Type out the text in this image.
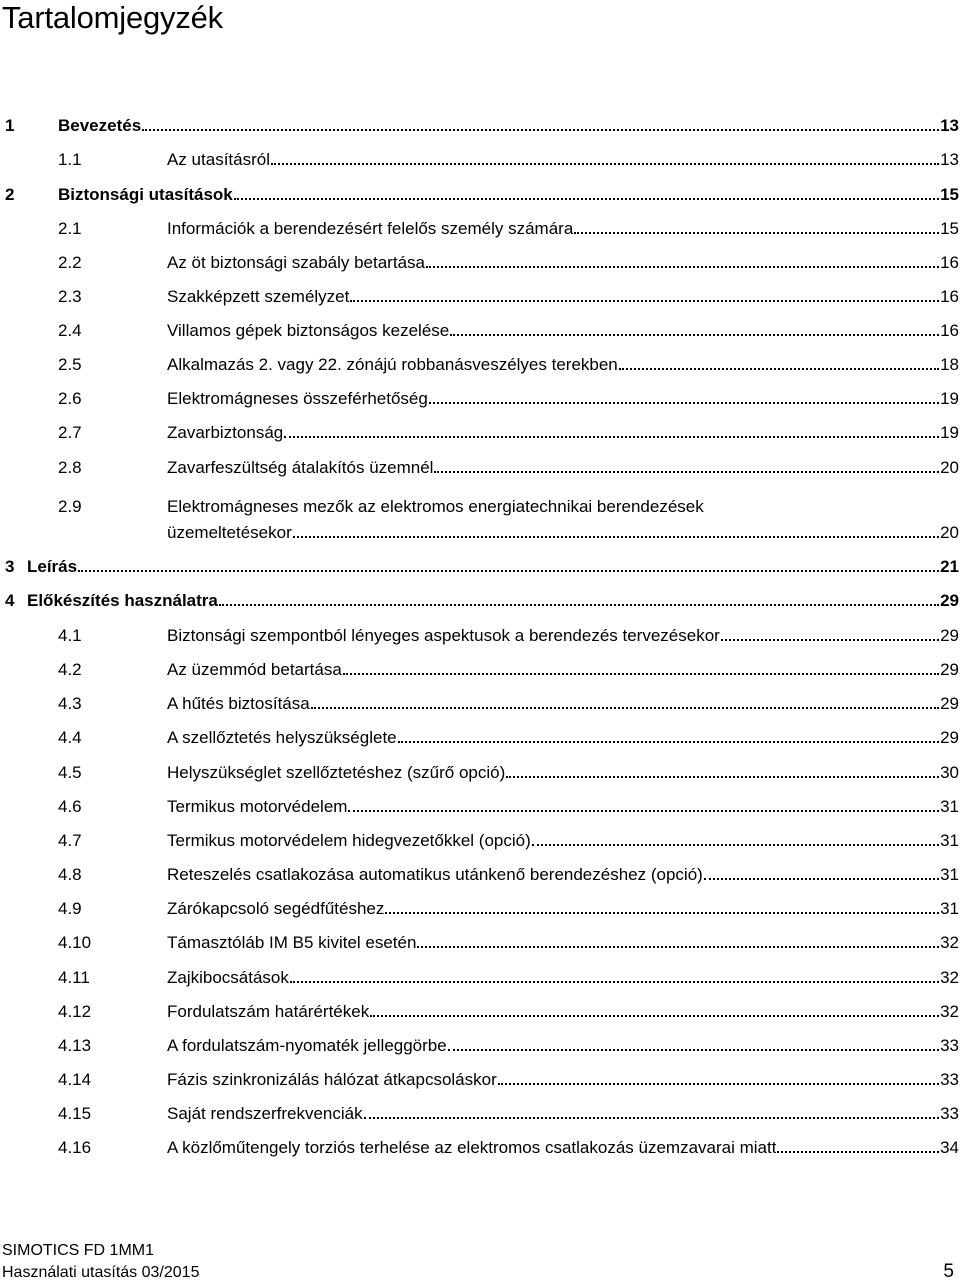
Tartalomjegyzék
1	Bevezetés	13
1.1	Az utasításról	13
2	Biztonsági utasítások	15
2.1	Információk a berendezésért felelős személy számára	15
2.2	Az öt biztonsági szabály betartása	16
2.3	Szakképzett személyzet	16
2.4	Villamos gépek biztonságos kezelése	16
2.5	Alkalmazás 2. vagy 22. zónájú robbanásveszélyes terekben	18
2.6	Elektromágneses összeférhetőség	19
2.7	Zavarbiztonság	19
2.8	Zavarfeszültség átalakítós üzemnél	20
2.9	Elektromágneses mezők az elektromos energiatechnikai berendezések
üzemeltetésekor	20
3 Leírás	21
4 Előkészítés használatra	29
4.1	Biztonsági szempontból lényeges aspektusok a berendezés tervezésekor	29
4.2	Az üzemmód betartása	29
4.3	A hűtés biztosítása	29
4.4	A szellőztetés helyszükséglete	29
4.5	Helyszükséglet szellőztetéshez (szűrő opció)	30
4.6	Termikus motorvédelem	31
4.7	Termikus motorvédelem hidegvezetőkkel (opció)	31
4.8	Reteszelés csatlakozása automatikus utánkenő berendezéshez (opció)	31
4.9	Zárókapcsoló segédfűtéshez	31
4.10	Támasztóláb IM B5 kivitel esetén	32
4.11	Zajkibocsátások	32
4.12	Fordulatszám határértékek	32
4.13	A fordulatszám-nyomaték jelleggörbe	33
4.14	Fázis szinkronizálás hálózat átkapcsoláskor	33
4.15	Saját rendszerfrekvenciák	33
4.16	A közlőműtengely torziós terhelése az elektromos csatlakozás üzemzavarai miatt	34
SIMOTICS FD 1MM1
Használati utasítás 03/2015	5
